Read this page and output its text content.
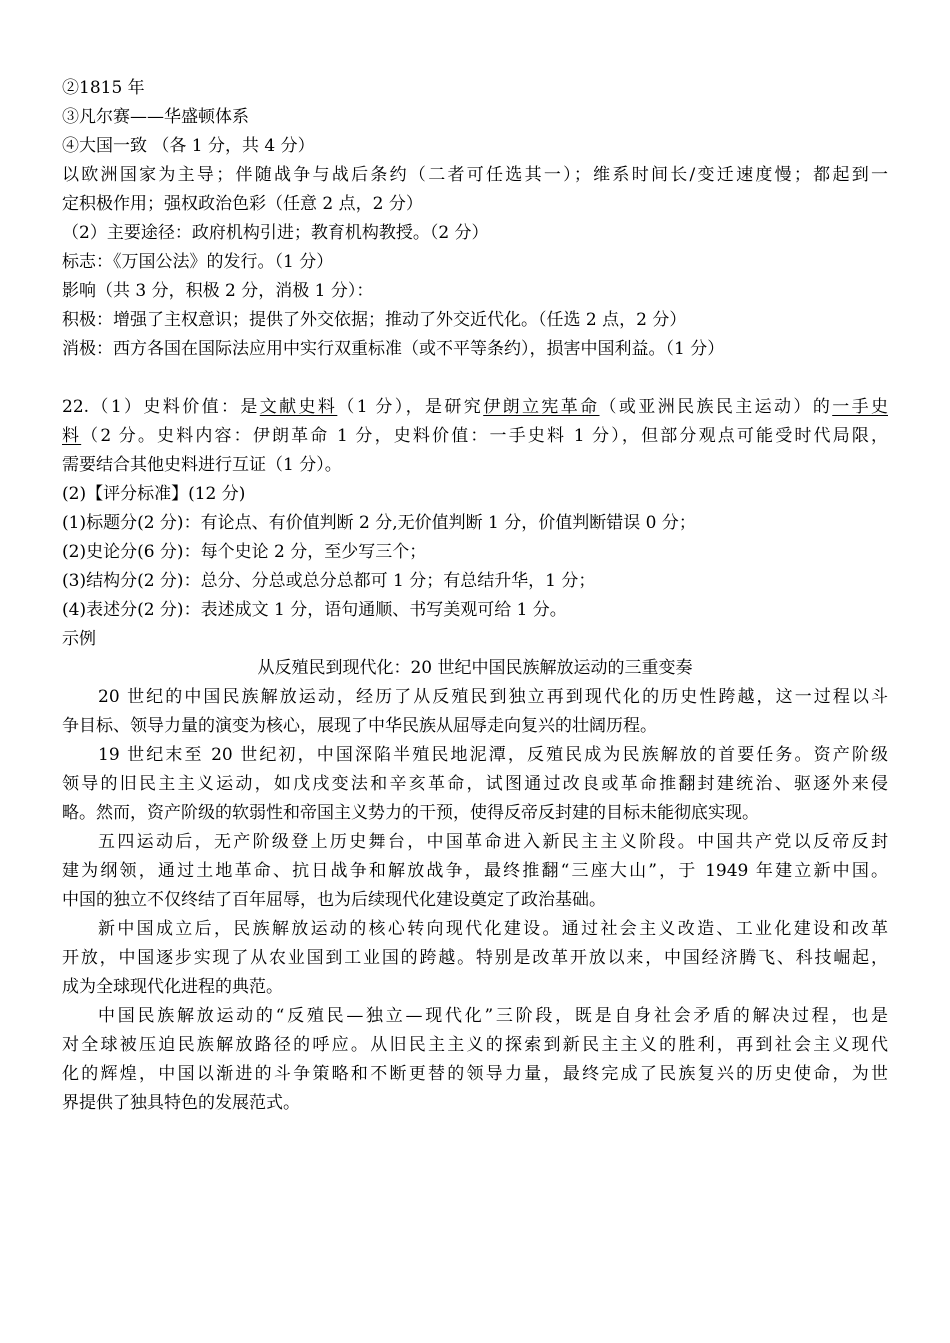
②1815 年
③凡尔赛——华盛顿体系
④大国一致 （各 1 分，共 4 分）
以欧洲国家为主导；伴随战争与战后条约（二者可任选其一）；维系时间长/变迁速度慢；都起到一
定积极作用；强权政治色彩（任意 2 点，2 分）
（2）主要途径：政府机构引进；教育机构教授。（2 分）
标志：《万国公法》的发行。（1 分）
影响（共 3 分，积极 2 分，消极 1 分）：
积极：增强了主权意识；提供了外交依据；推动了外交近代化。（任选 2 点，2 分）
消极：西方各国在国际法应用中实行双重标准（或不平等条约），损害中国利益。（1 分）
22.（1）史料价值：是文献史料（1 分），是研究伊朗立宪革命（或亚洲民族民主运动）的一手史
料（2 分。史料内容：伊朗革命 1 分，史料价值：一手史料 1 分），但部分观点可能受时代局限，
需要结合其他史料进行互证（1 分）。
(2)【评分标准】(12 分)
(1)标题分(2 分)：有论点、有价值判断 2 分,无价值判断 1 分，价值判断错误 0 分；
(2)史论分(6 分)：每个史论 2 分，至少写三个；
(3)结构分(2 分)：总分、分总或总分总都可 1 分；有总结升华，1 分；
(4)表述分(2 分)：表述成文 1 分，语句通顺、书写美观可给 1 分。
示例
从反殖民到现代化：20 世纪中国民族解放运动的三重变奏
20 世纪的中国民族解放运动，经历了从反殖民到独立再到现代化的历史性跨越，这一过程以斗
争目标、领导力量的演变为核心，展现了中华民族从屈辱走向复兴的壮阔历程。
19 世纪末至 20 世纪初，中国深陷半殖民地泥潭，反殖民成为民族解放的首要任务。资产阶级
领导的旧民主主义运动，如戊戌变法和辛亥革命，试图通过改良或革命推翻封建统治、驱逐外来侵
略。然而，资产阶级的软弱性和帝国主义势力的干预，使得反帝反封建的目标未能彻底实现。
五四运动后，无产阶级登上历史舞台，中国革命进入新民主主义阶段。中国共产党以反帝反封
建为纲领，通过土地革命、抗日战争和解放战争，最终推翻“三座大山”，于 1949 年建立新中国。
中国的独立不仅终结了百年屈辱，也为后续现代化建设奠定了政治基础。
新中国成立后，民族解放运动的核心转向现代化建设。通过社会主义改造、工业化建设和改革
开放，中国逐步实现了从农业国到工业国的跨越。特别是改革开放以来，中国经济腾飞、科技崛起，
成为全球现代化进程的典范。
中国民族解放运动的“反殖民—独立—现代化”三阶段，既是自身社会矛盾的解决过程，也是
对全球被压迫民族解放路径的呼应。从旧民主主义的探索到新民主主义的胜利，再到社会主义现代
化的辉煌，中国以渐进的斗争策略和不断更替的领导力量，最终完成了民族复兴的历史使命，为世
界提供了独具特色的发展范式。
